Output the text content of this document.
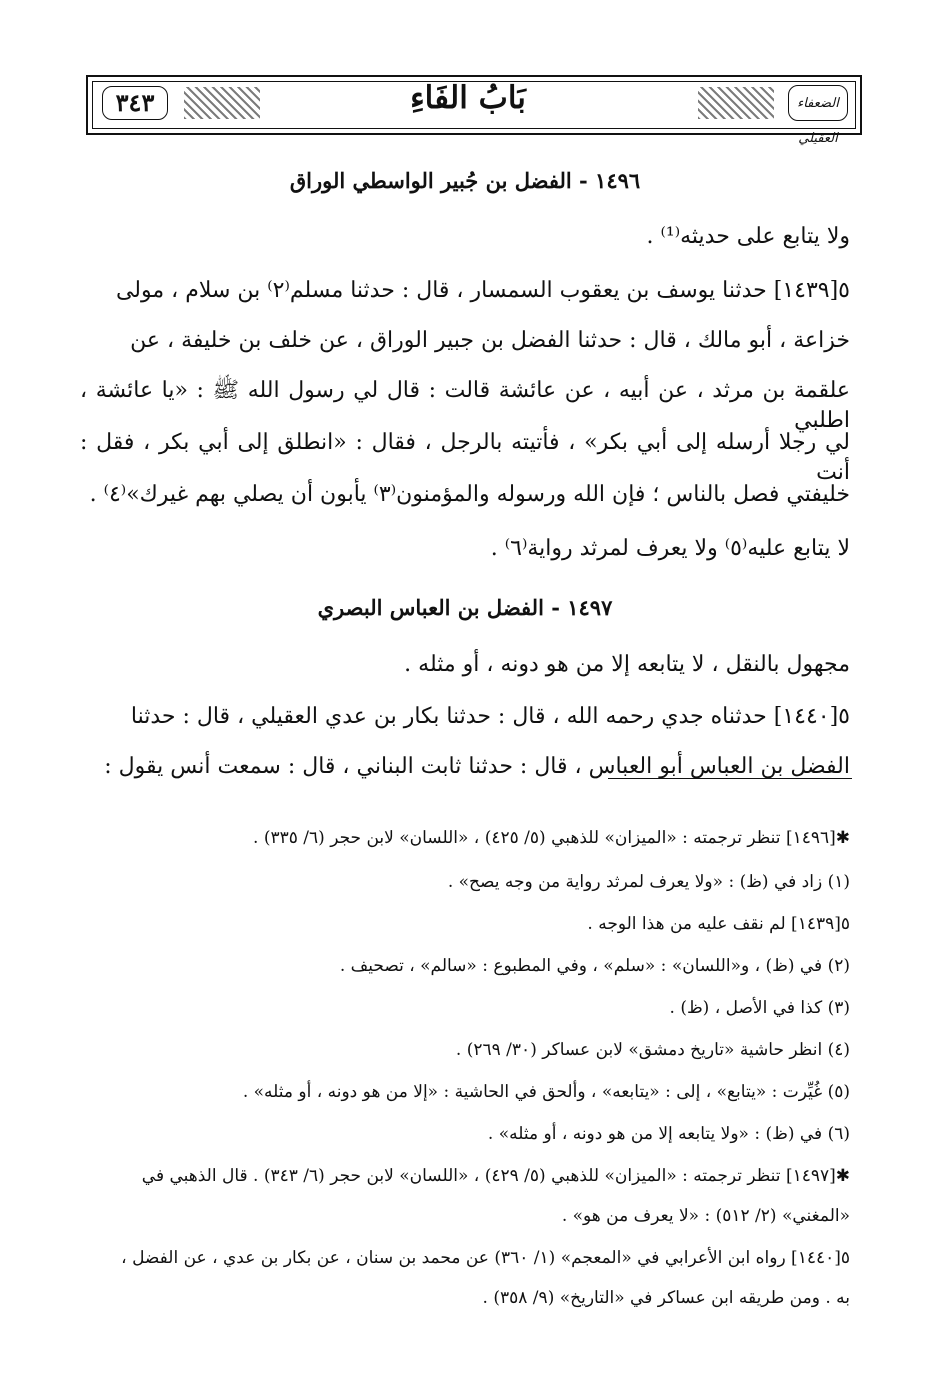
٣٤٣	بَابُ الفَاءِ	الضعفاء العقيلي
١٤٩٦ - الفضل بن جُبير الواسطي الوراق
ولا يتابع على حديثه⁽¹⁾ .
٥[١٤٣٩] حدثنا يوسف بن يعقوب السمسار ، قال : حدثنا مسلم⁽٢⁾ بن سلام ، مولى
خزاعة ، أبو مالك ، قال : حدثنا الفضل بن جبير الوراق ، عن خلف بن خليفة ، عن
علقمة بن مرثد ، عن أبيه ، عن عائشة قالت : قال لي رسول الله ﷺ : «يا عائشة ، اطلبي
لي رجلا أرسله إلى أبي بكر» ، فأتيته بالرجل ، فقال : «انطلق إلى أبي بكر ، فقل : أنت
خليفتي فصل بالناس ؛ فإن الله ورسوله والمؤمنون⁽٣⁾ يأبون أن يصلي بهم غيرك»⁽٤⁾ .
لا يتابع عليه⁽٥⁾ ولا يعرف لمرثد رواية⁽٦⁾ .
١٤٩٧ - الفضل بن العباس البصري
مجهول بالنقل ، لا يتابعه إلا من هو دونه ، أو مثله .
٥[١٤٤٠] حدثناه جدي رحمه الله ، قال : حدثنا بكار بن عدي العقيلي ، قال : حدثنا
الفضل بن العباس أبو العباس ، قال : حدثنا ثابت البناني ، قال : سمعت أنس يقول :
✱[١٤٩٦] تنظر ترجمته : «الميزان» للذهبي (٥/ ٤٢٥) ، «اللسان» لابن حجر (٦/ ٣٣٥) .
(١) زاد في (ظ) : «ولا يعرف لمرثد رواية من وجه يصح» .
٥[١٤٣٩] لم نقف عليه من هذا الوجه .
(٢) في (ظ) ، و«اللسان» : «سلم» ، وفي المطبوع : «سالم» ، تصحيف .
(٣) كذا في الأصل ، (ظ) .
(٤) انظر حاشية «تاريخ دمشق» لابن عساكر (٣٠/ ٢٦٩) .
(٥) غُيِّرت : «يتابع» ، إلى : «يتابعه» ، وألحق في الحاشية : «إلا من هو دونه ، أو مثله» .
(٦) في (ظ) : «ولا يتابعه إلا من هو دونه ، أو مثله» .
✱[١٤٩٧] تنظر ترجمته : «الميزان» للذهبي (٥/ ٤٢٩) ، «اللسان» لابن حجر (٦/ ٣٤٣) . قال الذهبي في
«المغني» (٢/ ٥١٢) : «لا يعرف من هو» .
٥[١٤٤٠] رواه ابن الأعرابي في «المعجم» (١/ ٣٦٠) عن محمد بن سنان ، عن بكار بن عدي ، عن الفضل ،
به . ومن طريقه ابن عساكر في «التاريخ» (٩/ ٣٥٨) .
